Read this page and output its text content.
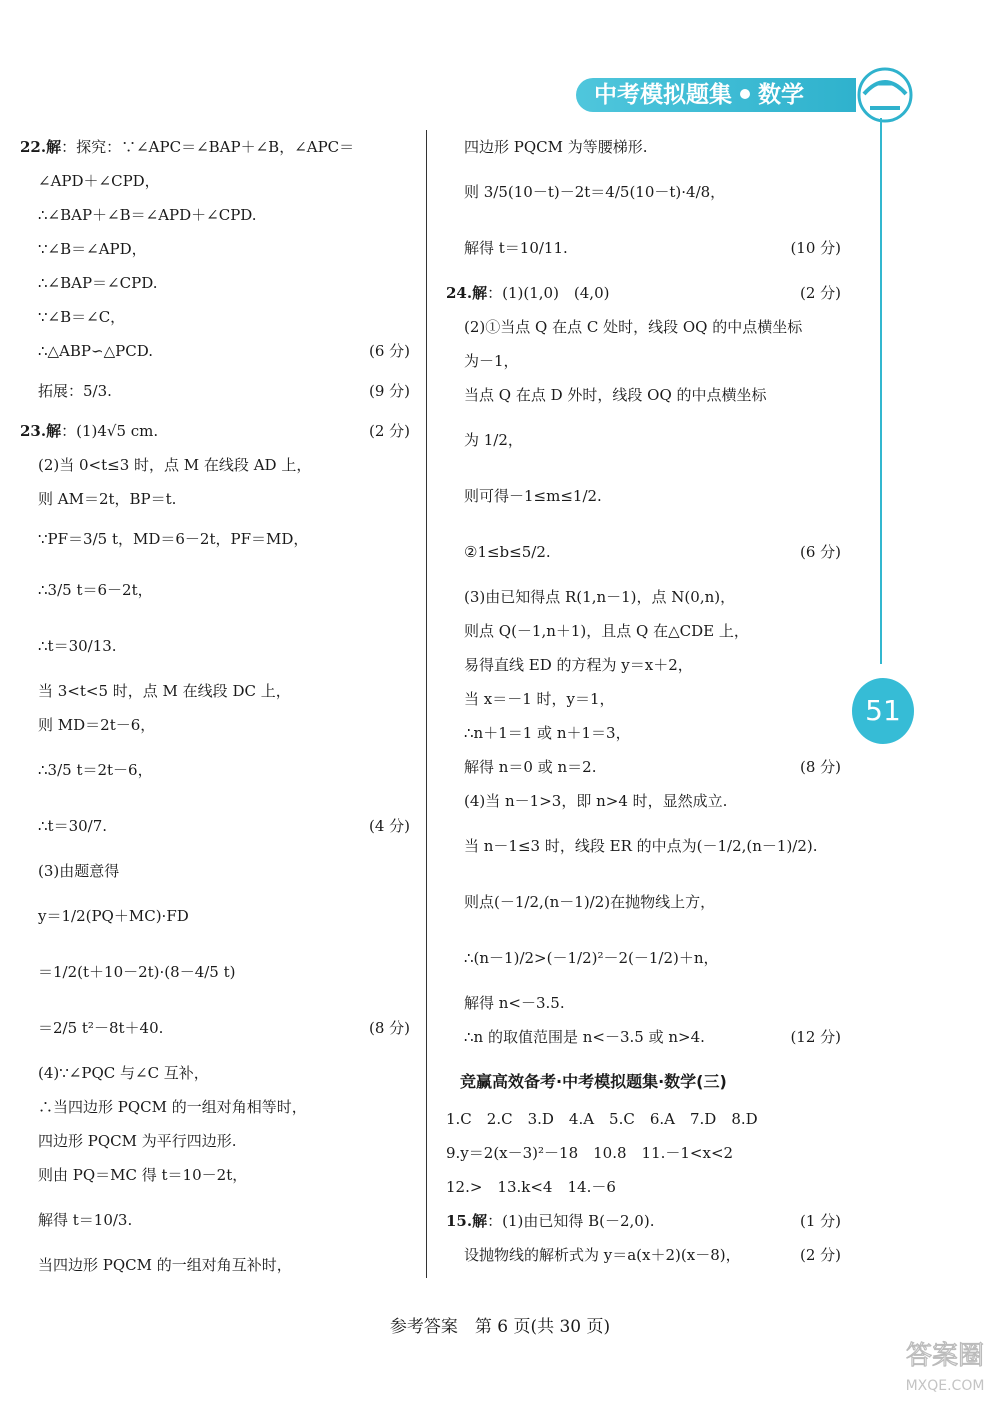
中考模拟题集 数学
51
22.解：探究：∵∠APC＝∠BAP＋∠B，∠APC＝
∠APD＋∠CPD，
∴∠BAP＋∠B＝∠APD＋∠CPD.
∵∠B＝∠APD，
∴∠BAP＝∠CPD.
∵∠B＝∠C，
∴△ABP∽△PCD.	(6 分)
拓展：5/3.	(9 分)
23.解：(1)4√5 cm.	(2 分)
(2)当 0<t≤3 时，点 M 在线段 AD 上，
则 AM＝2t，BP＝t.
∵PF＝3/5 t，MD＝6－2t，PF＝MD，
∴3/5 t＝6－2t，
∴t＝30/13.
当 3<t<5 时，点 M 在线段 DC 上，
则 MD＝2t－6，
∴3/5 t＝2t－6，
∴t＝30/7.	(4 分)
(3)由题意得
y＝1/2(PQ＋MC)·FD
＝1/2(t＋10－2t)·(8－4/5 t)
＝2/5 t²－8t＋40.	(8 分)
(4)∵∠PQC 与∠C 互补，
∴当四边形 PQCM 的一组对角相等时，
四边形 PQCM 为平行四边形.
则由 PQ＝MC 得 t＝10－2t，
解得 t＝10/3.
当四边形 PQCM 的一组对角互补时，
四边形 PQCM 为等腰梯形.
则 3/5(10－t)－2t＝4/5(10－t)·4/8，
解得 t＝10/11.	(10 分)
24.解：(1)(1,0)　(4,0)	(2 分)
(2)①当点 Q 在点 C 处时，线段 OQ 的中点横坐标
为－1，
当点 Q 在点 D 外时，线段 OQ 的中点横坐标
为 1/2，
则可得－1≤m≤1/2.
②1≤b≤5/2.	(6 分)
(3)由已知得点 R(1,n－1)，点 N(0,n)，
则点 Q(－1,n＋1)，且点 Q 在△CDE 上，
易得直线 ED 的方程为 y＝x＋2，
当 x＝－1 时，y＝1，
∴n＋1＝1 或 n＋1＝3，
解得 n＝0 或 n＝2.	(8 分)
(4)当 n－1>3，即 n>4 时，显然成立.
当 n－1≤3 时，线段 ER 的中点为(－1/2,(n－1)/2).
则点(－1/2,(n－1)/2)在抛物线上方，
∴(n－1)/2>(－1/2)²－2(－1/2)＋n，
解得 n<－3.5.
∴n 的取值范围是 n<－3.5 或 n>4.	(12 分)
竞赢高效备考·中考模拟题集·数学(三)
1.C　2.C　3.D　4.A　5.C　6.A　7.D　8.D
9.y＝2(x－3)²－18　10.8　11.－1<x<2
12.>　13.k<4　14.－6
15.解：(1)由已知得 B(－2,0).	(1 分)
设抛物线的解析式为 y＝a(x＋2)(x－8)，	(2 分)
参考答案　第 6 页(共 30 页)
答案圈
MXQE.COM
